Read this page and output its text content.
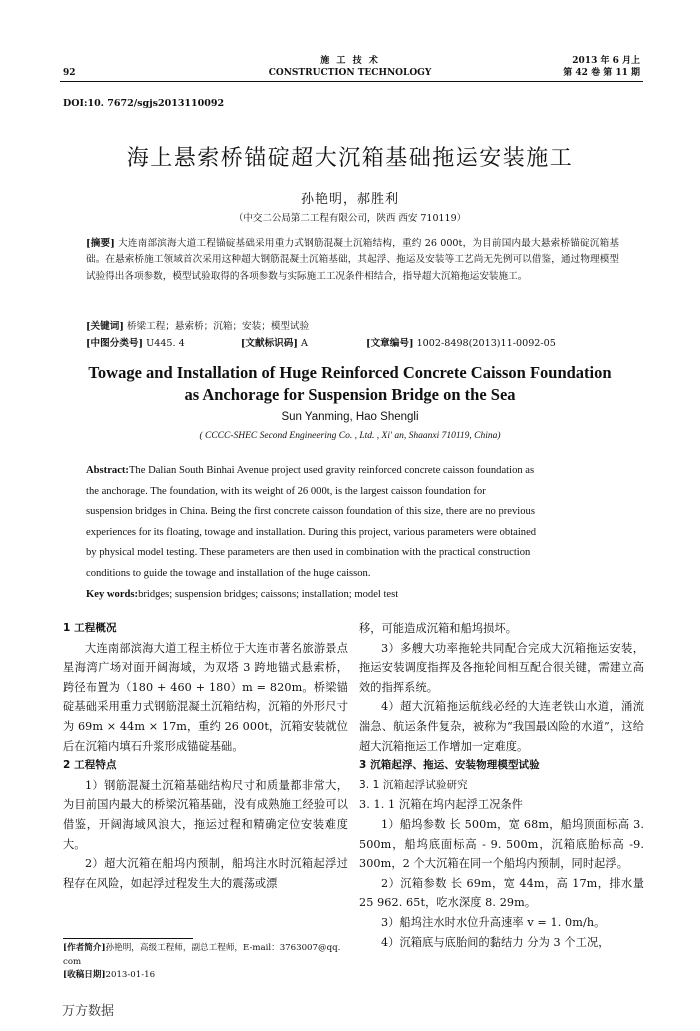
92
施 工 技 术
CONSTRUCTION TECHNOLOGY
2013 年 6 月上
第 42 卷 第 11 期
DOI:10. 7672/sgjs2013110092
海上悬索桥锚碇超大沉箱基础拖运安装施工
孙艳明，郝胜利
（中交二公局第二工程有限公司，陕西 西安 710119）
[摘要] 大连南部滨海大道工程锚碇基础采用重力式钢筋混凝土沉箱结构，重约 26 000t，为目前国内最大悬索桥锚碇沉箱基础。在悬索桥施工领域首次采用这种超大钢筋混凝土沉箱基础，其起浮、拖运及安装等工艺尚无先例可以借鉴，通过物理模型试验得出各项参数，模型试验取得的各项参数与实际施工工况条件相结合，指导超大沉箱拖运安装施工。
[关键词] 桥梁工程；悬索桥；沉箱；安装；模型试验
[中图分类号] U445. 4	[文献标识码] A	[文章编号] 1002-8498(2013)11-0092-05
Towage and Installation of Huge Reinforced Concrete Caisson Foundation
as Anchorage for Suspension Bridge on the Sea
Sun Yanming, Hao Shengli
( CCCC-SHEC Second Engineering Co. , Ltd. , Xi' an, Shaanxi 710119, China)
Abstract:The Dalian South Binhai Avenue project used gravity reinforced concrete caisson foundation as
the anchorage. The foundation, with its weight of 26 000t, is the largest caisson foundation for
suspension bridges in China. Being the first concrete caisson foundation of this size, there are no previous
experiences for its floating, towage and installation. During this project, various parameters were obtained
by physical model testing. These parameters are then used in combination with the practical construction
conditions to guide the towage and installation of the huge caisson.
Key words:bridges; suspension bridges; caissons; installation; model test

1 工程概况

大连南部滨海大道工程主桥位于大连市著名旅游景点星海湾广场对面开阔海域，为双塔 3 跨地锚式悬索桥，跨径布置为（180 + 460 + 180）m = 820m。桥梁锚碇基础采用重力式钢筋混凝土沉箱结构，沉箱的外形尺寸为 69m × 44m × 17m，重约 26 000t，沉箱安装就位后在沉箱内填石升浆形成锚碇基础。

2 工程特点

1）钢筋混凝土沉箱基础结构尺寸和质量都非常大，为目前国内最大的桥梁沉箱基础，没有成熟施工经验可以借鉴，开阔海域风浪大，拖运过程和精确定位安装难度大。

2）超大沉箱在船坞内预制，船坞注水时沉箱起浮过程存在风险，如起浮过程发生大的震荡或漂

[作者简介]孙艳明，高级工程师，副总工程师，E-mail：3763007@qq. com
[收稿日期]2013-01-16

移，可能造成沉箱和船坞损坏。

3）多艘大功率拖轮共同配合完成大沉箱拖运安装，拖运安装调度指挥及各拖轮间相互配合很关键，需建立高效的指挥系统。

4）超大沉箱拖运航线必经的大连老铁山水道，涌流湍急、航运条件复杂，被称为“我国最凶险的水道”，这给超大沉箱拖运工作增加一定难度。

3 沉箱起浮、拖运、安装物理模型试验

3. 1 沉箱起浮试验研究

3. 1. 1 沉箱在坞内起浮工况条件

1）船坞参数 长 500m，宽 68m，船坞顶面标高 3. 500m，船坞底面标高 - 9. 500m，沉箱底胎标高 -9. 300m，2 个大沉箱在同一个船坞内预制，同时起浮。

2）沉箱参数 长 69m，宽 44m，高 17m，排水量 25 962. 65t，吃水深度 8. 29m。

3）船坞注水时水位升高速率 v = 1. 0m/h。

4）沉箱底与底胎间的黏结力 分为 3 个工况，

万方数据
